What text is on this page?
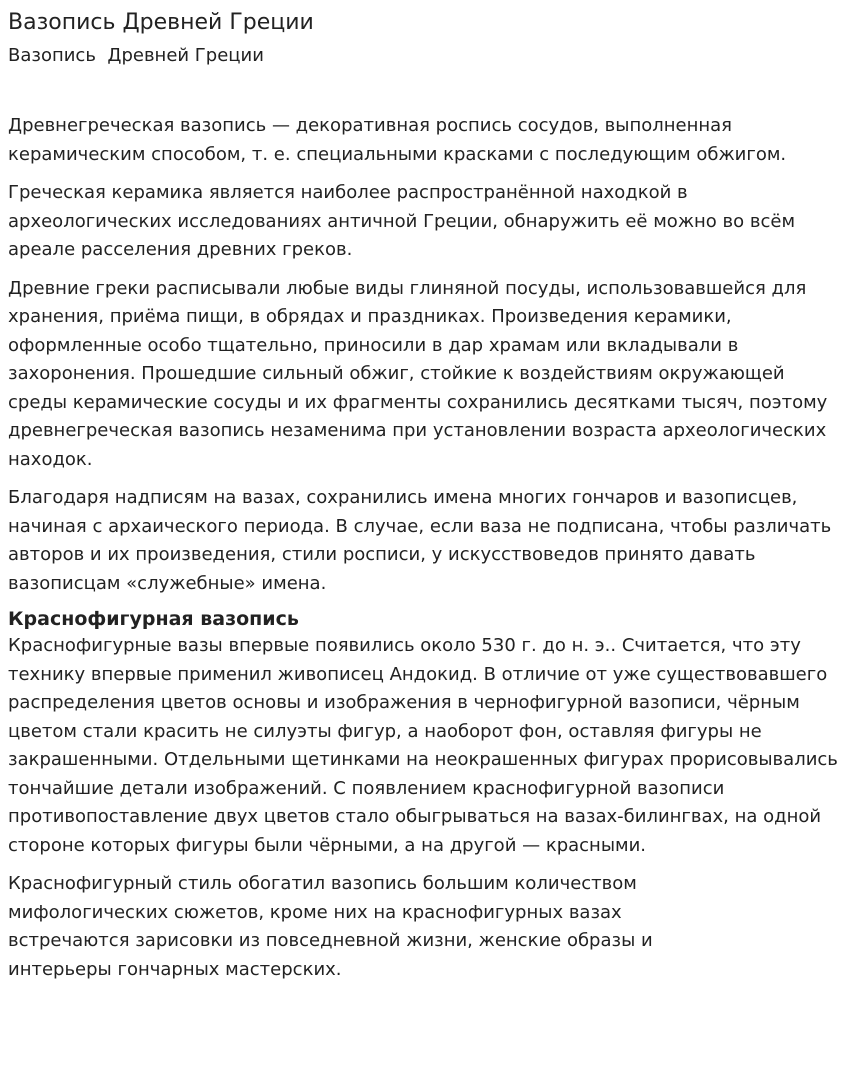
Вазопись Древней Греции
Вазопись  Древней Греции

Древнегреческая вазопись — декоративная роспись сосудов, выполненная керамическим способом, т. е. специальными красками с последующим обжигом.

Греческая керамика является наиболее распространённой находкой в археологических исследованиях античной Греции, обнаружить её можно во всём ареале расселения древних греков.

Древние греки расписывали любые виды глиняной посуды, использовавшейся для хранения, приёма пищи, в обрядах и праздниках. Произведения керамики, оформленные особо тщательно, приносили в дар храмам или вкладывали в захоронения. Прошедшие сильный обжиг, стойкие к воздействиям окружающей среды керамические сосуды и их фрагменты сохранились десятками тысяч, поэтому древнегреческая вазопись незаменима при установлении возраста археологических находок.

Благодаря надписям на вазах, сохранились имена многих гончаров и вазописцев, начиная с архаического периода. В случае, если ваза не подписана, чтобы различать авторов и их произведения, стили росписи, у искусствоведов принято давать вазописцам «служебные» имена.

Краснофигурная вазопись

Краснофигурные вазы впервые появились около 530 г. до н. э.. Считается, что эту технику впервые применил живописец Андокид. В отличие от уже существовавшего распределения цветов основы и изображения в чернофигурной вазописи, чёрным цветом стали красить не силуэты фигур, а наоборот фон, оставляя фигуры не закрашенными. Отдельными щетинками на неокрашенных фигурах прорисовывались тончайшие детали изображений. С появлением краснофигурной вазописи противопоставление двух цветов стало обыгрываться на вазах-билингвах, на одной стороне которых фигуры были чёрными, а на другой — красными.

Краснофигурный стиль обогатил вазопись большим количеством мифологических сюжетов, кроме них на краснофигурных вазах встречаются зарисовки из повседневной жизни, женские образы и интерьеры гончарных мастерских.
